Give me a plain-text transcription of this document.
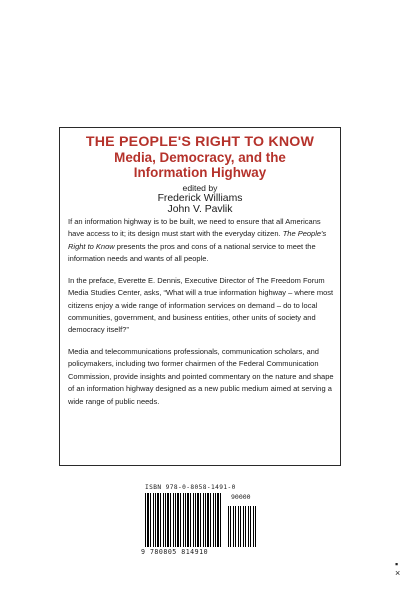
THE PEOPLE'S RIGHT TO KNOW
Media, Democracy, and the
Information Highway
edited by
Frederick Williams
John V. Pavlik

If an information highway is to be built, we need to ensure that all Americans have access to it; its design must start with the everyday citizen. The People's Right to Know presents the pros and cons of a national service to meet the information needs and wants of all people.

In the preface, Everette E. Dennis, Executive Director of The Freedom Forum Media Studies Center, asks, “What will a true information highway – where most citizens enjoy a wide range of information services on demand – do to local communities, government, and business entities, other units of society and democracy itself?”

Media and telecommunications professionals, communication scholars, and policymakers, including two former chairmen of the Federal Communication Commission, provide insights and pointed commentary on the nature and shape of an information highway designed as a new public medium aimed at serving a wide range of public needs.

ISBN 978-0-8058-1491-0
90000
9 780805 814910
▪
×
